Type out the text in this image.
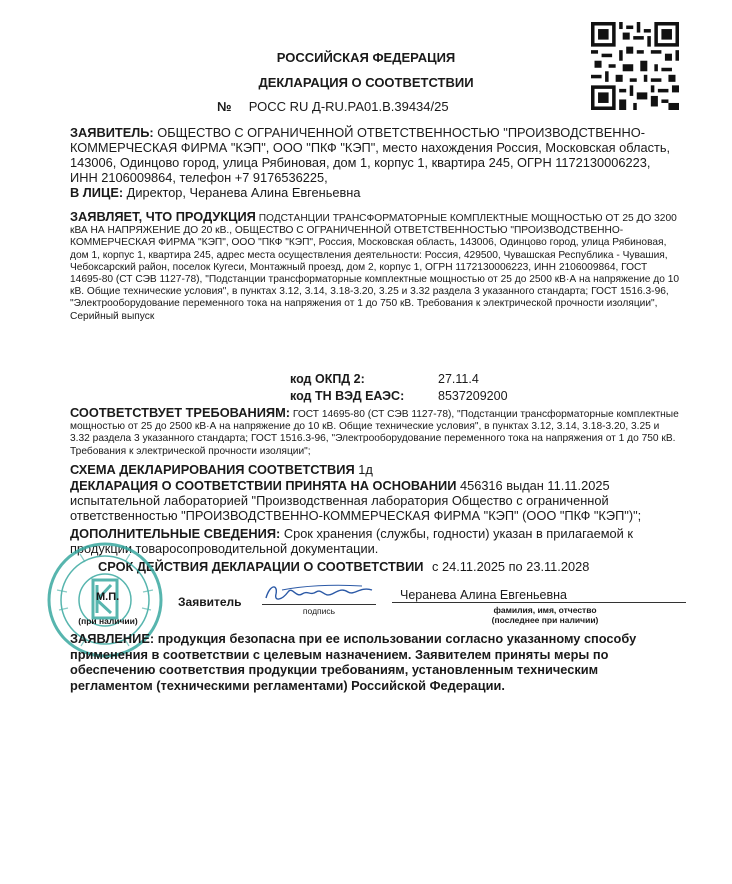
РОССИЙСКАЯ ФЕДЕРАЦИЯ
ДЕКЛАРАЦИЯ О СООТВЕТСТВИИ
№ РОСС RU Д-RU.РА01.В.39434/25
ЗАЯВИТЕЛЬ: ОБЩЕСТВО С ОГРАНИЧЕННОЙ ОТВЕТСТВЕННОСТЬЮ "ПРОИЗВОДСТВЕННО-КОММЕРЧЕСКАЯ ФИРМА "КЭП", ООО "ПКФ "КЭП", место нахождения Россия, Московская область, 143006, Одинцово город, улица Рябиновая, дом 1, корпус 1, квартира 245, ОГРН 1172130006223, ИНН 2106009864, телефон +7 9176536225,
В ЛИЦЕ: Директор, Черанева Алина Евгеньевна
ЗАЯВЛЯЕТ, ЧТО ПРОДУКЦИЯ ПОДСТАНЦИИ ТРАНСФОРМАТОРНЫЕ КОМПЛЕКТНЫЕ МОЩНОСТЬЮ ОТ 25 ДО 3200 кВА НА НАПРЯЖЕНИЕ ДО 20 кВ., ОБЩЕСТВО С ОГРАНИЧЕННОЙ ОТВЕТСТВЕННОСТЬЮ "ПРОИЗВОДСТВЕННО-КОММЕРЧЕСКАЯ ФИРМА "КЭП", ООО "ПКФ "КЭП", Россия, Московская область, 143006, Одинцово город, улица Рябиновая, дом 1, корпус 1, квартира 245, адрес места осуществления деятельности: Россия, 429500, Чувашская Республика - Чувашия, Чебоксарский район, поселок Кугеси, Монтажный проезд, дом 2, корпус 1, ОГРН 1172130006223, ИНН 2106009864, ГОСТ 14695-80 (СТ СЭВ 1127-78), "Подстанции трансформаторные комплектные мощностью от 25 до 2500 кВ·А на напряжение до 10 кВ. Общие технические условия", в пунктах 3.12, 3.14, 3.18-3.20, 3.25 и 3.32 раздела 3 указанного стандарта; ГОСТ 1516.3-96, "Электрооборудование переменного тока на напряжения от 1 до 750 кВ. Требования к электрической прочности изоляции", Серийный выпуск
код ОКПД 2:	27.11.4
код ТН ВЭД ЕАЭС:	8537209200
СООТВЕТСТВУЕТ ТРЕБОВАНИЯМ: ГОСТ 14695-80 (СТ СЭВ 1127-78), "Подстанции трансформаторные комплектные мощностью от 25 до 2500 кВ·А на напряжение до 10 кВ. Общие технические условия", в пунктах 3.12, 3.14, 3.18-3.20, 3.25 и 3.32 раздела 3 указанного стандарта; ГОСТ 1516.3-96, "Электрооборудование переменного тока на напряжения от 1 до 750 кВ. Требования к электрической прочности изоляции";
СХЕМА ДЕКЛАРИРОВАНИЯ СООТВЕТСТВИЯ 1д
ДЕКЛАРАЦИЯ О СООТВЕТСТВИИ ПРИНЯТА НА ОСНОВАНИИ 456316 выдан 11.11.2025 испытательной лабораторией "Производственная лаборатория Общество с ограниченной ответственностью "ПРОИЗВОДСТВЕННО-КОММЕРЧЕСКАЯ ФИРМА "КЭП" (ООО "ПКФ "КЭП")";
ДОПОЛНИТЕЛЬНЫЕ СВЕДЕНИЯ: Срок хранения (службы, годности) указан в прилагаемой к продукции товаросопроводительной документации.
СРОК ДЕЙСТВИЯ ДЕКЛАРАЦИИ О СООТВЕТСТВИИ с 24.11.2025 по 23.11.2028
М.П.
(при наличии)
Заявитель
подпись
Черанева Алина Евгеньевна
фамилия, имя, отчество
(последнее при наличии)
ЗАЯВЛЕНИЕ: продукция безопасна при ее использовании согласно указанному способу применения в соответствии с целевым назначением. Заявителем приняты меры по обеспечению соответствия продукции требованиям, установленным техническим регламентом (техническими регламентами) Российской Федерации.
